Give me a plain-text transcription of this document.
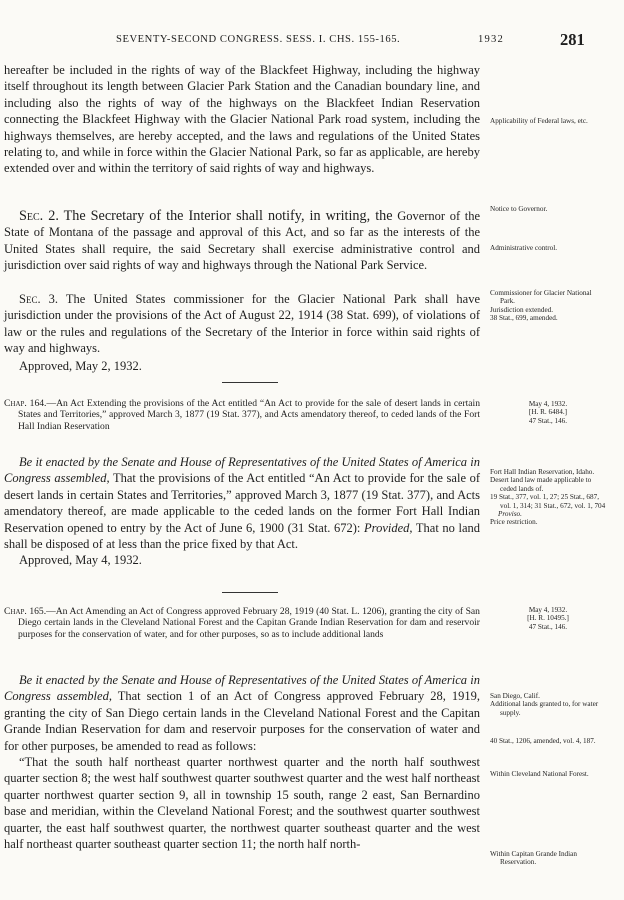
SEVENTY-SECOND CONGRESS. SESS. I. CHS. 155-165.	1932	281

hereafter be included in the rights of way of the Blackfeet Highway, including the highway itself throughout its length between Glacier Park Station and the Canadian boundary line, and including also the rights of way of the highways on the Blackfeet Indian Reservation connecting the Blackfeet Highway with the Glacier National Park road system, including the highways themselves, are hereby accepted, and the laws and regulations of the United States relating to, and while in force within the Glacier National Park, so far as applicable, are hereby extended over and within the territory of said rights of way and highways.

Sec. 2. The Secretary of the Interior shall notify, in writing, the Governor of the State of Montana of the passage and approval of this Act, and so far as the interests of the United States shall require, the said Secretary shall exercise administrative control and jurisdiction over said rights of way and highways through the National Park Service.

Sec. 3. The United States commissioner for the Glacier National Park shall have jurisdiction under the provisions of the Act of August 22, 1914 (38 Stat. 699), of violations of law or the rules and regulations of the Secretary of the Interior in force within said rights of way and highways.

Approved, May 2, 1932.

Chap. 164.—An Act Extending the provisions of the Act entitled “An Act to provide for the sale of desert lands in certain States and Territories,” approved March 3, 1877 (19 Stat. 377), and Acts amendatory thereof, to ceded lands of the Fort Hall Indian Reservation

Be it enacted by the Senate and House of Representatives of the United States of America in Congress assembled, That the provisions of the Act entitled “An Act to provide for the sale of desert lands in certain States and Territories,” approved March 3, 1877 (19 Stat. 377), and Acts amendatory thereof, are made applicable to the ceded lands on the former Fort Hall Indian Reservation opened to entry by the Act of June 6, 1900 (31 Stat. 672): Provided, That no land shall be disposed of at less than the price fixed by that Act.

Approved, May 4, 1932.

Chap. 165.—An Act Amending an Act of Congress approved February 28, 1919 (40 Stat. L. 1206), granting the city of San Diego certain lands in the Cleveland National Forest and the Capitan Grande Indian Reservation for dam and reservoir purposes for the conservation of water, and for other purposes, so as to include additional lands

Be it enacted by the Senate and House of Representatives of the United States of America in Congress assembled, That section 1 of an Act of Congress approved February 28, 1919, granting the city of San Diego certain lands in the Cleveland National Forest and the Capitan Grande Indian Reservation for dam and reservoir purposes for the conservation of water and for other purposes, be amended to read as follows:

“That the south half northeast quarter northwest quarter and the north half southwest quarter section 8; the west half southwest quarter southwest quarter and the west half northeast quarter northwest quarter section 9, all in township 15 south, range 2 east, San Bernardino base and meridian, within the Cleveland National Forest; and the southwest quarter southwest quarter, the east half southwest quarter, the northwest quarter southeast quarter and the west half northeast quarter southeast quarter section 11; the north half north-

Applicability of Federal laws, etc.

Notice to Governor.

Administrative control.

Commissioner for Glacier National Park.

Jurisdiction extended.

38 Stat., 699, amended.

May 4, 1932.

[H. R. 6484.]

47 Stat., 146.

Fort Hall Indian Reservation, Idaho.

Desert land law made applicable to ceded lands of.

19 Stat., 377, vol. 1, 27; 25 Stat., 687, vol. 1, 314; 31 Stat., 672, vol. 1, 704

Proviso.

Price restriction.

May 4, 1932.

[H. R. 10495.]

47 Stat., 146.

San Diego, Calif.

Additional lands granted to, for water supply.

40 Stat., 1206, amended, vol. 4, 187.

Within Cleveland National Forest.

Within Capitan Grande Indian Reservation.
